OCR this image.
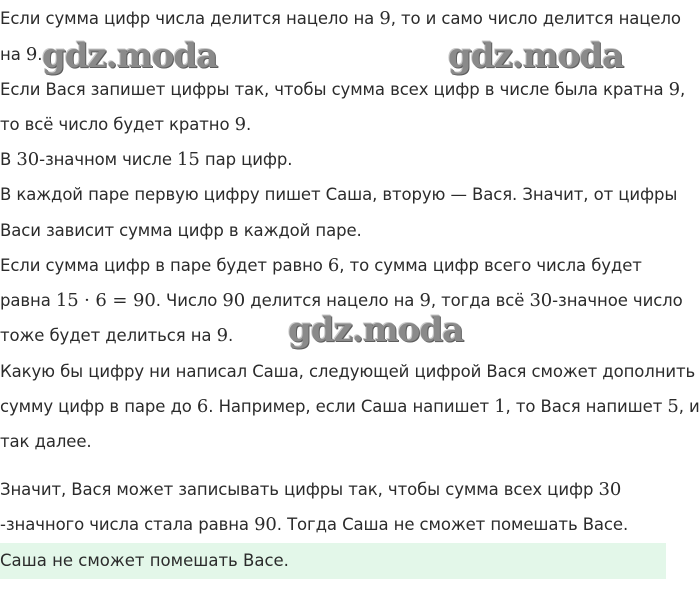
Если сумма цифр числа делится нацело на 9, то и само число делится нацело
на 9.
Если Вася запишет цифры так, чтобы сумма всех цифр в числе была кратна 9,
то всё число будет кратно 9.
В 30-значном числе 15 пар цифр.
В каждой паре первую цифру пишет Саша, вторую — Вася. Значит, от цифры
Васи зависит сумма цифр в каждой паре.
Если сумма цифр в паре будет равно 6, то сумма цифр всего числа будет
равна 15 · 6 = 90. Число 90 делится нацело на 9, тогда всё 30-значное число
тоже будет делиться на 9.
Какую бы цифру ни написал Саша, следующей цифрой Вася сможет дополнить
сумму цифр в паре до 6. Например, если Саша напишет 1, то Вася напишет 5, и
так далее.
Значит, Вася может записывать цифры так, чтобы сумма всех цифр 30
-значного числа стала равна 90. Тогда Саша не сможет помешать Васе.
Саша не сможет помешать Васе.
gdz.moda	gdz.moda
gdz.moda
